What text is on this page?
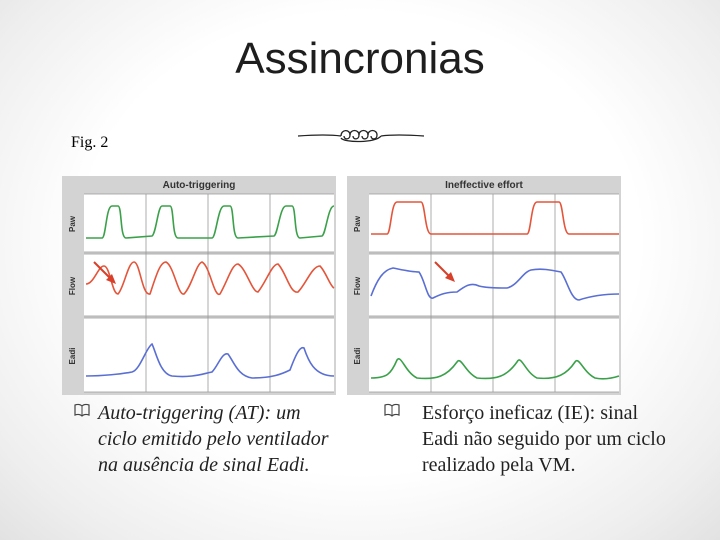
Assincronias
Fig. 2
Auto-triggering
Paw
Flow
Eadi
Ineffective effort
Paw
Flow
Eadi
Auto-triggering (AT): um ciclo emitido pelo ventilador na ausência de sinal Eadi.
Esforço ineficaz (IE): sinal Eadi não seguido por um ciclo realizado pela VM.
